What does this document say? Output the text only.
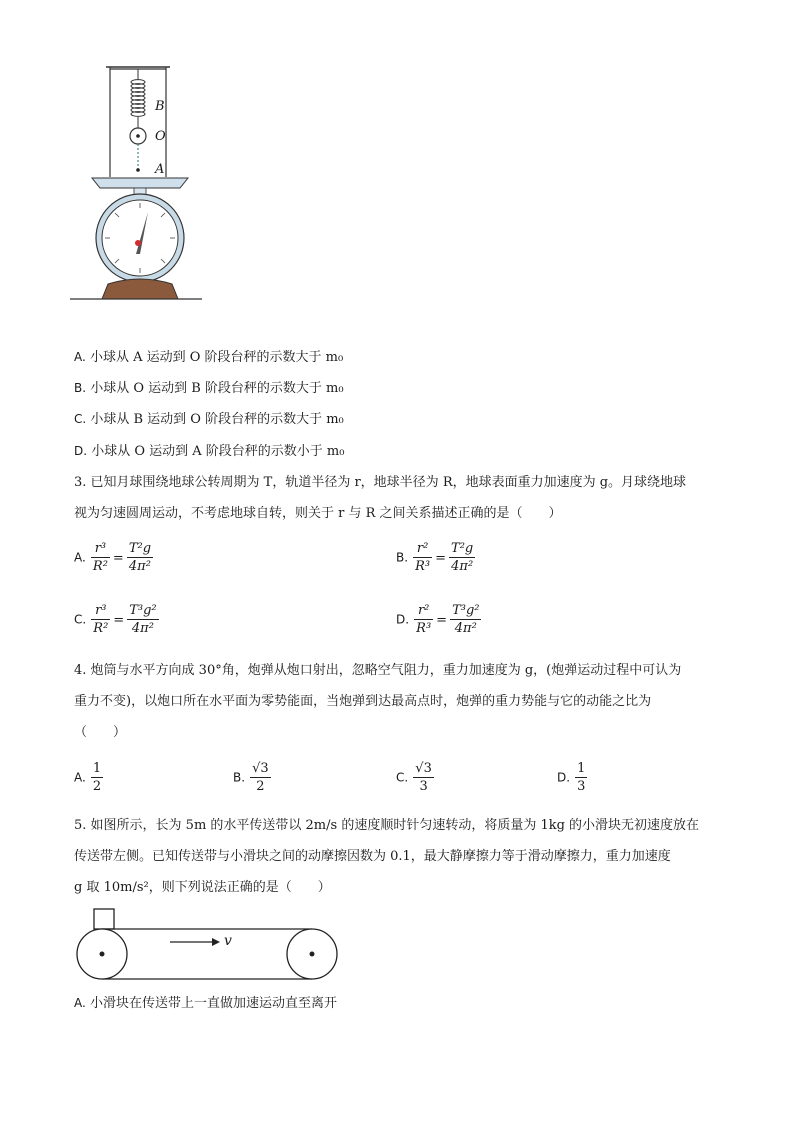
B
O
A
A. 小球从 A 运动到 O 阶段台秤的示数大于 m₀
B. 小球从 O 运动到 B 阶段台秤的示数大于 m₀
C. 小球从 B 运动到 O 阶段台秤的示数大于 m₀
D. 小球从 O 运动到 A 阶段台秤的示数小于 m₀
3. 已知月球围绕地球公转周期为 T，轨道半径为 r，地球半径为 R，地球表面重力加速度为 g。月球绕地球
视为匀速圆周运动，不考虑地球自转，则关于 r 与 R 之间关系描述正确的是（　　）
A. $\frac{\text{r³}}{\text{R²}} = \frac{\text{T²g}}{\text{4π²}}$	B. $\frac{\text{r²}}{\text{R³}} = \frac{\text{T²g}}{\text{4π²}}$
C. $\frac{\text{r³}}{\text{R²}} = \frac{\text{T³g²}}{\text{4π²}}$	D. $\frac{\text{r²}}{\text{R³}} = \frac{\text{T³g²}}{\text{4π²}}$
4. 炮筒与水平方向成 30°角，炮弹从炮口射出，忽略空气阻力，重力加速度为 g，(炮弹运动过程中可认为
重力不变)，以炮口所在水平面为零势能面，当炮弹到达最高点时，炮弹的重力势能与它的动能之比为
（　　）
A. $\frac{1}{2}$	B. $\frac{√3}{2}$	C. $\frac{√3}{3}$	D. $\frac{1}{3}$
5. 如图所示，长为 5m 的水平传送带以 2m/s 的速度顺时针匀速转动，将质量为 1kg 的小滑块无初速度放在
传送带左侧。已知传送带与小滑块之间的动摩擦因数为 0.1，最大静摩擦力等于滑动摩擦力，重力加速度
g 取 10m/s²，则下列说法正确的是（　　）
v
A. 小滑块在传送带上一直做加速运动直至离开
